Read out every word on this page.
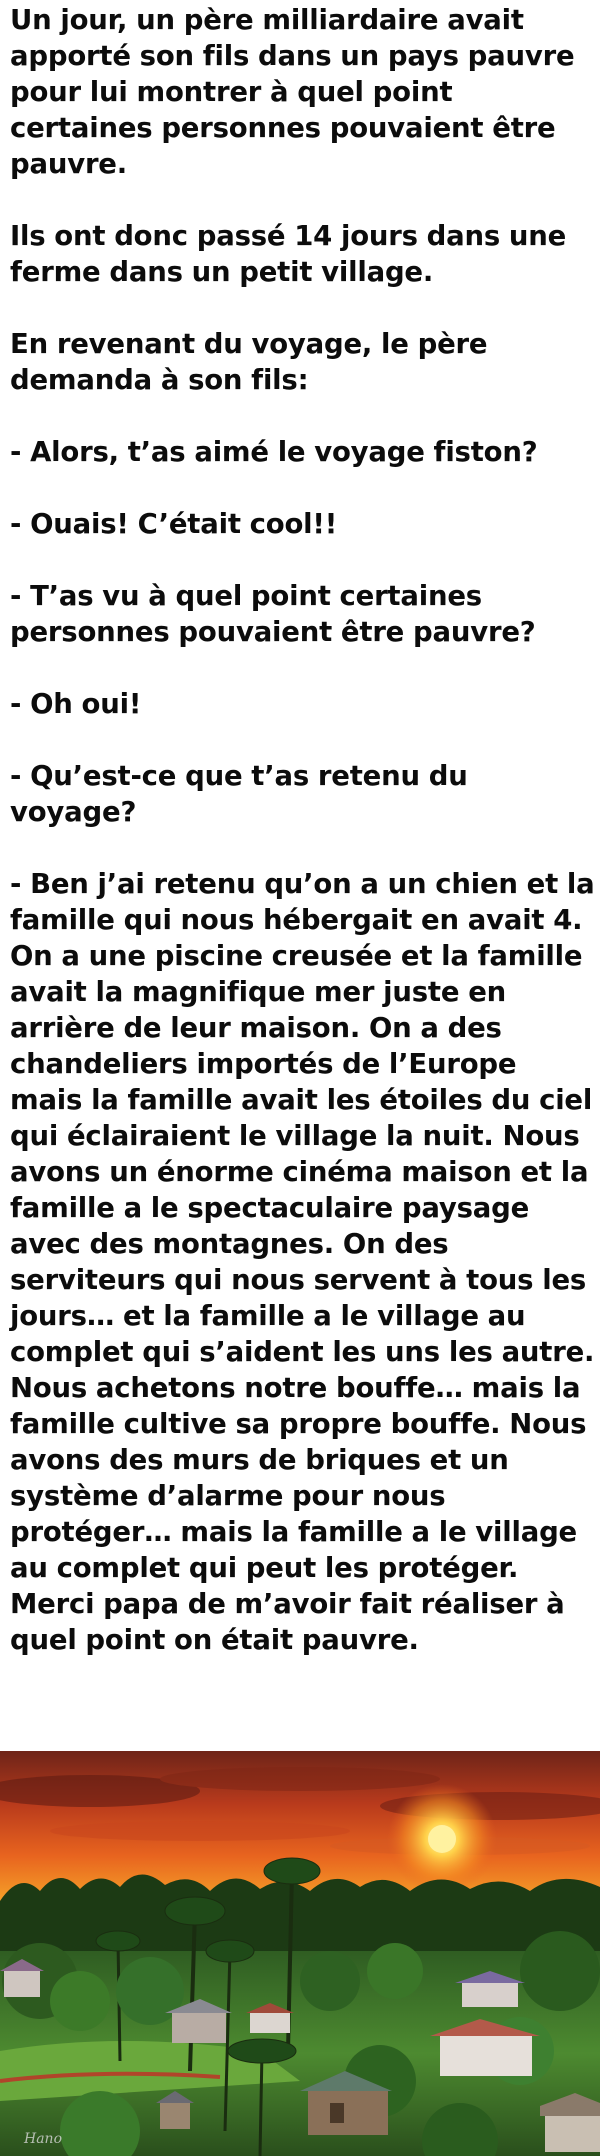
Un jour, un père milliardaire avait apporté son fils dans un pays pauvre pour lui montrer à quel point certaines personnes pouvaient être pauvre.

Ils ont donc passé 14 jours dans une ferme dans un petit village.

En revenant du voyage, le père demanda à son fils:

- Alors, t’as aimé le voyage fiston?

- Ouais! C’était cool!!

- T’as vu à quel point certaines personnes pouvaient être pauvre?

- Oh oui!

- Qu’est-ce que t’as retenu du voyage?

- Ben j’ai retenu qu’on a un chien et la famille qui nous hébergait en avait 4. On a une piscine creusée et la famille avait la magnifique mer juste en arrière de leur maison. On a des chandeliers importés de l’Europe mais la famille avait les étoiles du ciel qui éclairaient le village la nuit. Nous avons un énorme cinéma maison et la famille a le spectaculaire paysage avec des montagnes. On des serviteurs qui nous servent à tous les jours… et la famille a le village au complet qui s’aident les uns les autre. Nous achetons notre bouffe… mais la famille cultive sa propre bouffe. Nous avons des murs de briques et un système d’alarme pour nous protéger… mais la famille a le village au complet qui peut les protéger. Merci papa de m’avoir fait réaliser à quel point on était pauvre.

Hano
